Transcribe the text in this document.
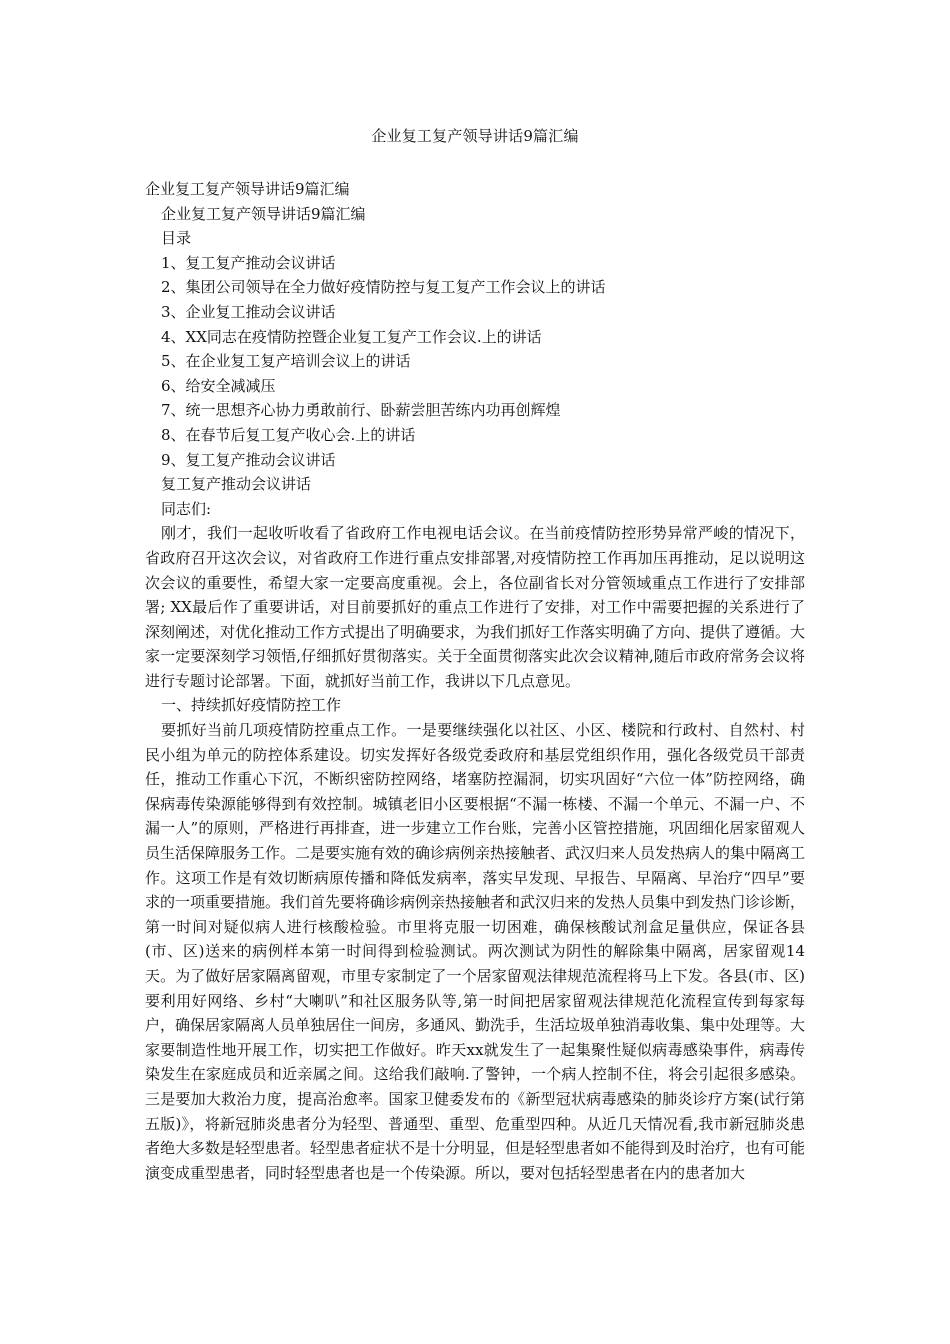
企业复工复产领导讲话9篇汇编

企业复工复产领导讲话9篇汇编

企业复工复产领导讲话9篇汇编

目录

1、复工复产推动会议讲话

2、集团公司领导在全力做好疫情防控与复工复产工作会议上的讲话

3、企业复工推动会议讲话

4、XX同志在疫情防控暨企业复工复产工作会议.上的讲话

5、在企业复工复产培训会议上的讲话

6、给安全减减压

7、统一思想齐心协力勇敢前行、卧薪尝胆苦练内功再创辉煌

8、在春节后复工复产收心会.上的讲话

9、复工复产推动会议讲话

复工复产推动会议讲话

同志们:

刚才，我们一起收听收看了省政府工作电视电话会议。在当前疫情防控形势异常严峻的情况下，省政府召开这次会议，对省政府工作进行重点安排部署,对疫情防控工作再加压再推动，足以说明这次会议的重要性，希望大家一定要高度重视。会上，各位副省长对分管领域重点工作进行了安排部署; XX最后作了重要讲话，对目前要抓好的重点工作进行了安排，对工作中需要把握的关系进行了深刻阐述，对优化推动工作方式提出了明确要求，为我们抓好工作落实明确了方向、提供了遵循。大家一定要深刻学习领悟,仔细抓好贯彻落实。关于全面贯彻落实此次会议精神,随后市政府常务会议将进行专题讨论部署。下面，就抓好当前工作，我讲以下几点意见。

一、持续抓好疫情防控工作

要抓好当前几项疫情防控重点工作。一是要继续强化以社区、小区、楼院和行政村、自然村、村民小组为单元的防控体系建设。切实发挥好各级党委政府和基层党组织作用，强化各级党员干部责任，推动工作重心下沉，不断织密防控网络，堵塞防控漏洞，切实巩固好“六位一体”防控网络，确保病毒传染源能够得到有效控制。城镇老旧小区要根据“不漏一栋楼、不漏一个单元、不漏一户、不漏一人”的原则，严格进行再排查，进一步建立工作台账，完善小区管控措施，巩固细化居家留观人员生活保障服务工作。二是要实施有效的确诊病例亲热接触者、武汉归来人员发热病人的集中隔离工作。这项工作是有效切断病原传播和降低发病率，落实早发现、早报告、早隔离、早治疗“四早”要求的一项重要措施。我们首先要将确诊病例亲热接触者和武汉归来的发热人员集中到发热门诊诊断，第一时间对疑似病人进行核酸检验。市里将克服一切困难，确保核酸试剂盒足量供应，保证各县(市、区)送来的病例样本第一时间得到检验测试。两次测试为阴性的解除集中隔离，居家留观14天。为了做好居家隔离留观，市里专家制定了一个居家留观法律规范流程将马上下发。各县(市、区)要利用好网络、乡村“大喇叭”和社区服务队等,第一时间把居家留观法律规范化流程宣传到每家每户，确保居家隔离人员单独居住一间房，多通风、勤洗手，生活垃圾单独消毒收集、集中处理等。大家要制造性地开展工作，切实把工作做好。昨天xx就发生了一起集聚性疑似病毒感染事件，病毒传染发生在家庭成员和近亲属之间。这给我们敲响.了警钟，一个病人控制不住，将会引起很多感染。三是要加大救治力度，提高治愈率。国家卫健委发布的《新型冠状病毒感染的肺炎诊疗方案(试行第五版)》，将新冠肺炎患者分为轻型、普通型、重型、危重型四种。从近几天情况看,我市新冠肺炎患者绝大多数是轻型患者。轻型患者症状不是十分明显，但是轻型患者如不能得到及时治疗，也有可能演变成重型患者，同时轻型患者也是一个传染源。所以，要对包括轻型患者在内的患者加大
